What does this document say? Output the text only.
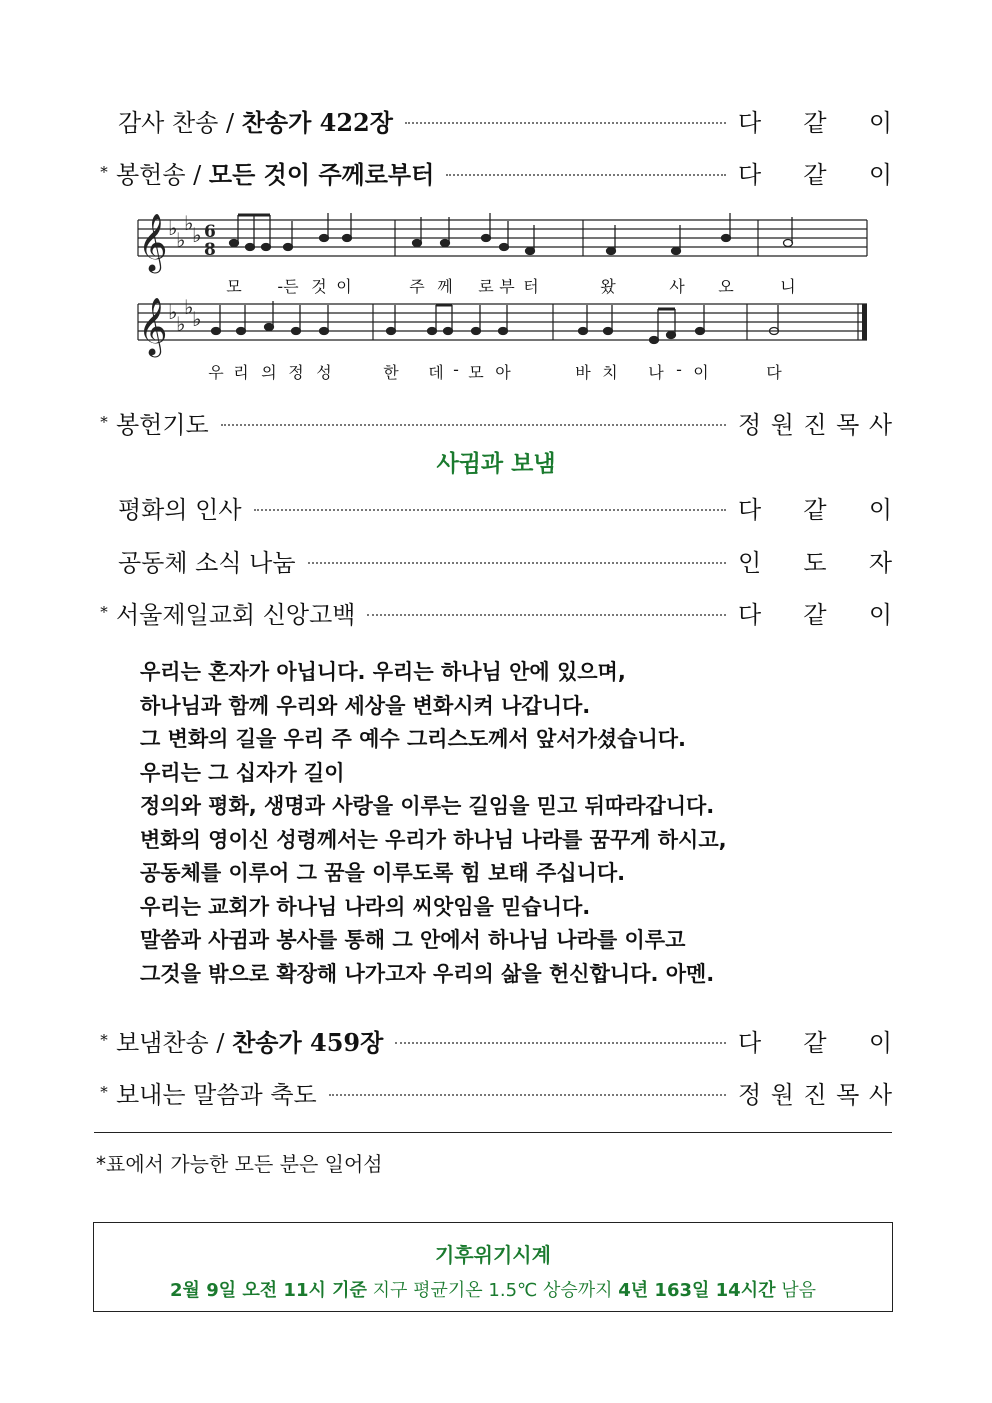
감사 찬송 / 찬송가 422장	다 같 이
* 봉헌송 / 모든 것이 주께로부터	다 같 이
𝄞
𝄞
♭
♭
♭
♭
♭
♭
♭
♭
6
8
모 -든 것 이	주 께 로 부 터	왔	사 오	니
우 리 의 정 성	한 데 - 모 아	바 치 나 - 이	다
* 봉헌기도	정 원 진 목 사
사귐과 보냄
평화의 인사	다 같 이
공동체 소식 나눔	인 도 자
* 서울제일교회 신앙고백	다 같 이
우리는 혼자가 아닙니다. 우리는 하나님 안에 있으며,
하나님과 함께 우리와 세상을 변화시켜 나갑니다.
그 변화의 길을 우리 주 예수 그리스도께서 앞서가셨습니다.
우리는 그 십자가 길이
정의와 평화, 생명과 사랑을 이루는 길임을 믿고 뒤따라갑니다.
변화의 영이신 성령께서는 우리가 하나님 나라를 꿈꾸게 하시고,
공동체를 이루어 그 꿈을 이루도록 힘 보태 주십니다.
우리는 교회가 하나님 나라의 씨앗임을 믿습니다.
말씀과 사귐과 봉사를 통해 그 안에서 하나님 나라를 이루고
그것을 밖으로 확장해 나가고자 우리의 삶을 헌신합니다. 아멘.
* 보냄찬송 / 찬송가 459장	다 같 이
* 보내는 말씀과 축도	정 원 진 목 사
*표에서 가능한 모든 분은 일어섬
기후위기시계
2월 9일 오전 11시 기준 지구 평균기온 1.5℃ 상승까지 4년 163일 14시간 남음
